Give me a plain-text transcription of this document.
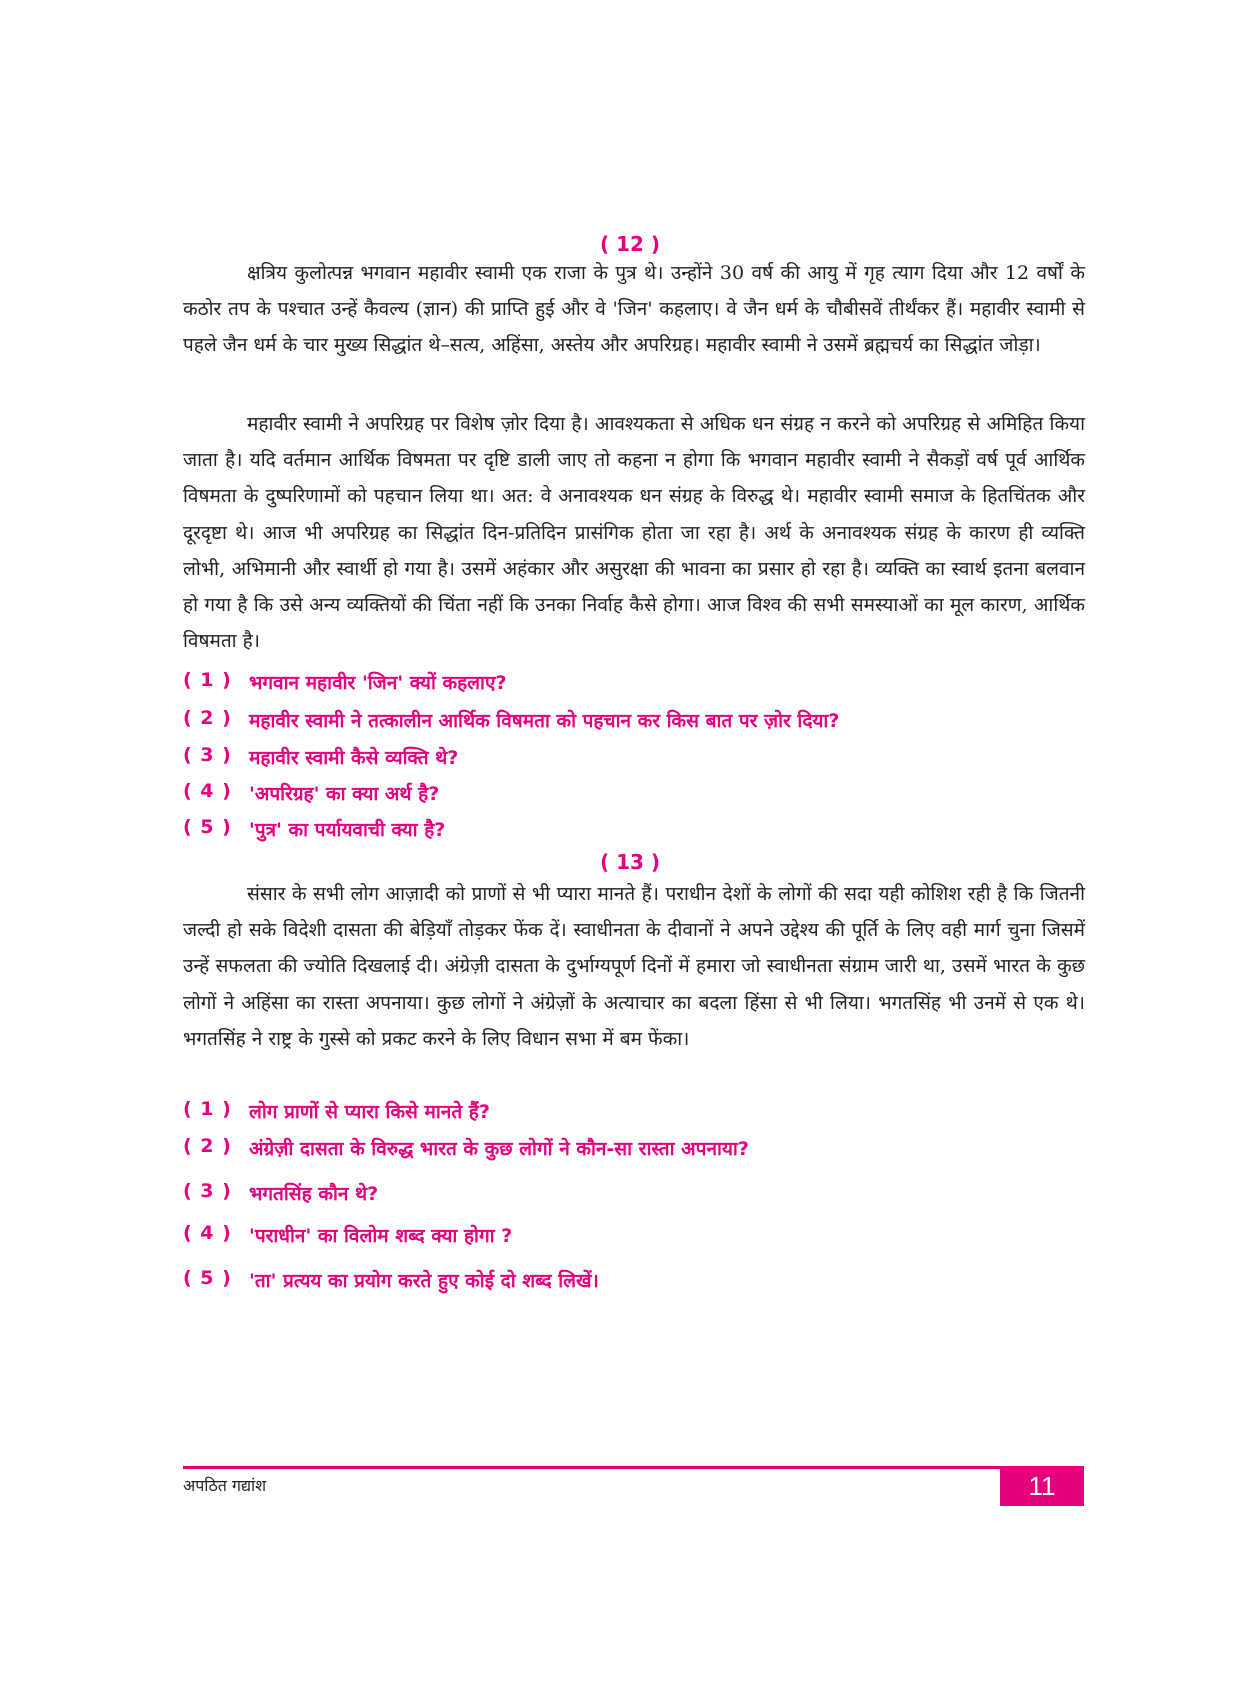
( 12 )

क्षत्रिय कुलोत्पन्न भगवान महावीर स्वामी एक राजा के पुत्र थे। उन्होंने 30 वर्ष की आयु में गृह त्याग दिया और 12 वर्षों के कठोर तप के पश्चात उन्हें कैवल्य (ज्ञान) की प्राप्ति हुई और वे 'जिन' कहलाए। वे जैन धर्म के चौबीसवें तीर्थंकर हैं। महावीर स्वामी से पहले जैन धर्म के चार मुख्य सिद्धांत थे–सत्य, अहिंसा, अस्तेय और अपरिग्रह। महावीर स्वामी ने उसमें ब्रह्मचर्य का सिद्धांत जोड़ा।

महावीर स्वामी ने अपरिग्रह पर विशेष ज़ोर दिया है। आवश्यकता से अधिक धन संग्रह न करने को अपरिग्रह से अमिहित किया जाता है। यदि वर्तमान आर्थिक विषमता पर दृष्टि डाली जाए तो कहना न होगा कि भगवान महावीर स्वामी ने सैकड़ों वर्ष पूर्व आर्थिक विषमता के दुष्परिणामों को पहचान लिया था। अत: वे अनावश्यक धन संग्रह के विरुद्ध थे। महावीर स्वामी समाज के हितचिंतक और दूरदृष्टा थे। आज भी अपरिग्रह का सिद्धांत दिन-प्रतिदिन प्रासंगिक होता जा रहा है। अर्थ के अनावश्यक संग्रह के कारण ही व्यक्ति लोभी, अभिमानी और स्वार्थी हो गया है। उसमें अहंकार और असुरक्षा की भावना का प्रसार हो रहा है। व्यक्ति का स्वार्थ इतना बलवान हो गया है कि उसे अन्य व्यक्तियों की चिंता नहीं कि उनका निर्वाह कैसे होगा। आज विश्व की सभी समस्याओं का मूल कारण, आर्थिक विषमता है।

( 1 ) भगवान महावीर 'जिन' क्यों कहलाए?
( 2 ) महावीर स्वामी ने तत्कालीन आर्थिक विषमता को पहचान कर किस बात पर ज़ोर दिया?
( 3 ) महावीर स्वामी कैसे व्यक्ति थे?
( 4 ) 'अपरिग्रह' का क्या अर्थ है?
( 5 ) 'पुत्र' का पर्यायवाची क्या है?
( 13 )

संसार के सभी लोग आज़ादी को प्राणों से भी प्यारा मानते हैं। पराधीन देशों के लोगों की सदा यही कोशिश रही है कि जितनी जल्दी हो सके विदेशी दासता की बेड़ियाँ तोड़कर फेंक दें। स्वाधीनता के दीवानों ने अपने उद्देश्य की पूर्ति के लिए वही मार्ग चुना जिसमें उन्हें सफलता की ज्योति दिखलाई दी। अंग्रेज़ी दासता के दुर्भाग्यपूर्ण दिनों में हमारा जो स्वाधीनता संग्राम जारी था, उसमें भारत के कुछ लोगों ने अहिंसा का रास्ता अपनाया। कुछ लोगों ने अंग्रेज़ों के अत्याचार का बदला हिंसा से भी लिया। भगतसिंह भी उनमें से एक थे। भगतसिंह ने राष्ट्र के गुस्से को प्रकट करने के लिए विधान सभा में बम फेंका।

( 1 ) लोग प्राणों से प्यारा किसे मानते हैं?
( 2 ) अंग्रेज़ी दासता के विरुद्ध भारत के कुछ लोगों ने कौन-सा रास्ता अपनाया?
( 3 ) भगतसिंह कौन थे?
( 4 ) 'पराधीन' का विलोम शब्द क्या होगा ?
( 5 ) 'ता' प्रत्यय का प्रयोग करते हुए कोई दो शब्द लिखें।
अपठित गद्यांश	11
